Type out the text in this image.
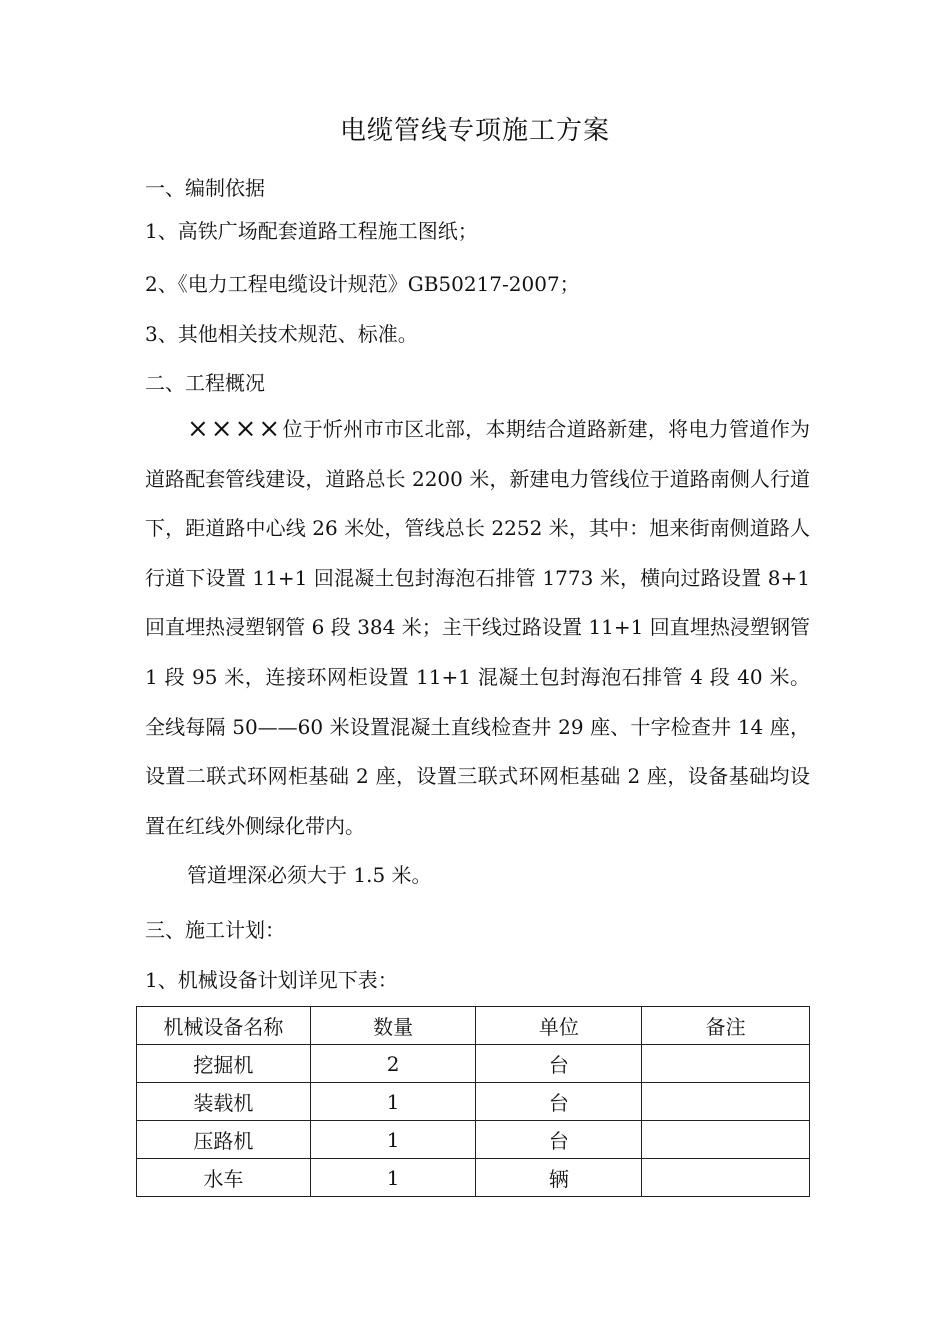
电缆管线专项施工方案
一、编制依据
1、高铁广场配套道路工程施工图纸；
2、《电力工程电缆设计规范》GB50217-2007；
3、其他相关技术规范、标准。
二、工程概况
××××位于忻州市市区北部，本期结合道路新建，将电力管道作为道路配套管线建设，道路总长 2200 米，新建电力管线位于道路南侧人行道下，距道路中心线 26 米处，管线总长 2252 米，其中：旭来街南侧道路人行道下设置 11+1 回混凝土包封海泡石排管 1773 米，横向过路设置 8+1 回直埋热浸塑钢管 6 段 384 米；主干线过路设置 11+1 回直埋热浸塑钢管 1 段 95 米，连接环网柜设置 11+1 混凝土包封海泡石排管 4 段 40 米。全线每隔 50——60 米设置混凝土直线检查井 29 座、十字检查井 14 座，设置二联式环网柜基础 2 座，设置三联式环网柜基础 2 座，设备基础均设置在红线外侧绿化带内。
管道埋深必须大于 1.5 米。
三、施工计划：
1、机械设备计划详见下表：
机械设备名称	数量	单位	备注
挖掘机	2	台	
装载机	1	台	
压路机	1	台	
水车	1	辆	
